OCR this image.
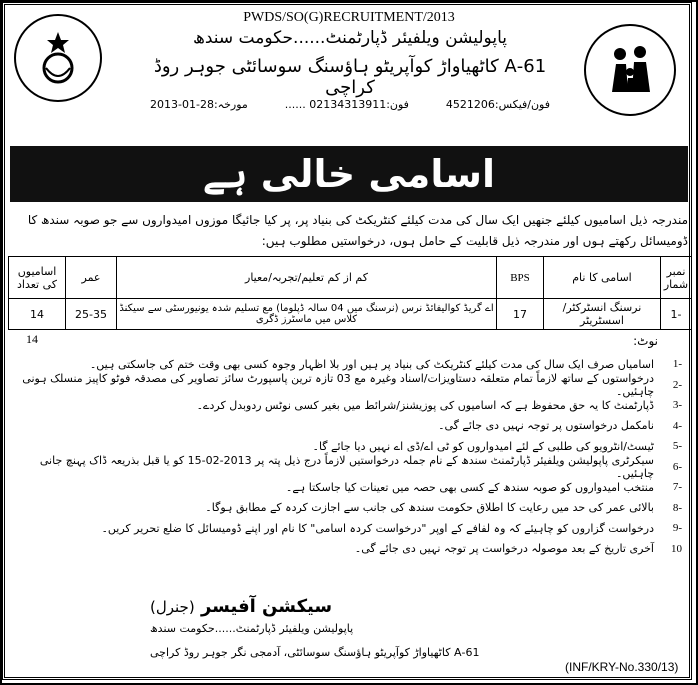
PWDS/SO(G)RECRUITMENT/2013
پاپولیشن ویلفیئر ڈپارٹمنٹ......حکومت سندھ
61-A کاٹھیاواڑ کوآپریٹو ہاؤسنگ سوسائٹی جوہر روڈ کراچی
فون/فیکس:4521206
فون:02134313911 ......
مورخہ:28-01-2013
اسامی خالی ہے
مندرجہ ذیل اسامیوں کیلئے جنھیں ایک سال کی مدت کیلئے کنٹریکٹ کی بنیاد پر، پر کیا جائیگا موزوں امیدواروں سے جو صوبہ سندھ کا ڈومیسائل رکھتے ہوں اور مندرجہ ذیل قابلیت کے حامل ہوں، درخواستیں مطلوب ہیں:
نمبر شمار	اسامی کا نام	BPS	کم از کم تعلیم/تجربہ/معیار	عمر	اسامیوں کی تعداد
-1	نرسنگ انسٹرکٹر/اسسٹریٹر	17	اے گریڈ کوالیفائڈ نرس (نرسنگ میں 04 سالہ ڈپلوما) مع تسلیم شدہ یونیورسٹی سے سیکنڈ کلاس میں ماسٹرز ڈگری	25-35	14
14	نوٹ:
-1
اسامیاں صرف ایک سال کی مدت کیلئے کنٹریکٹ کی بنیاد پر ہیں اور بلا اظہار وجوہ کسی بھی وقت ختم کی جاسکتی ہیں۔
-2
درخواستوں کے ساتھ لازماً تمام متعلقہ دستاویزات/اسناد وغیرہ مع 03 تازہ ترین پاسپورٹ سائز تصاویر کی مصدقہ فوٹو کاپیز منسلک ہونی چاہئیں۔
-3
ڈپارٹمنٹ کا یہ حق محفوظ ہے کہ اسامیوں کی پوزیشنز/شرائط میں بغیر کسی نوٹس ردوبدل کردے۔
-4
نامکمل درخواستوں پر توجہ نہیں دی جائے گی۔
-5
ٹیسٹ/انٹرویو کی طلبی کے لئے امیدواروں کو ٹی اے/ڈی اے نہیں دیا جائے گا۔
-6
سیکرٹری پاپولیشن ویلفیئر ڈپارٹمنٹ سندھ کے نام جملہ درخواستیں لازماً درج ذیل پتہ پر 2013-02-15 کو یا قبل بذریعہ ڈاک پہنچ جانی چاہئیں۔
-7
منتخب امیدواروں کو صوبہ سندھ کے کسی بھی حصہ میں تعینات کیا جاسکتا ہے۔
-8
بالائی عمر کی حد میں رعایت کا اطلاق حکومت سندھ کی جانب سے اجازت کردہ کے مطابق ہوگا۔
-9
درخواست گزاروں کو چاہیئے کہ وہ لفافے کے اوپر "درخواست کردہ اسامی" کا نام اور اپنے ڈومیسائل کا ضلع تحریر کریں۔
10
آخری تاریخ کے بعد موصولہ درخواست پر توجہ نہیں دی جائے گی۔
سیکشن آفیسر (جنرل)
پاپولیشن ویلفیئر ڈپارٹمنٹ......حکومت سندھ
61-A کاٹھیاواڑ کوآپریٹو ہاؤسنگ سوسائٹی، آدمجی نگر جوہر روڈ کراچی
(INF/KRY-No.330/13)
